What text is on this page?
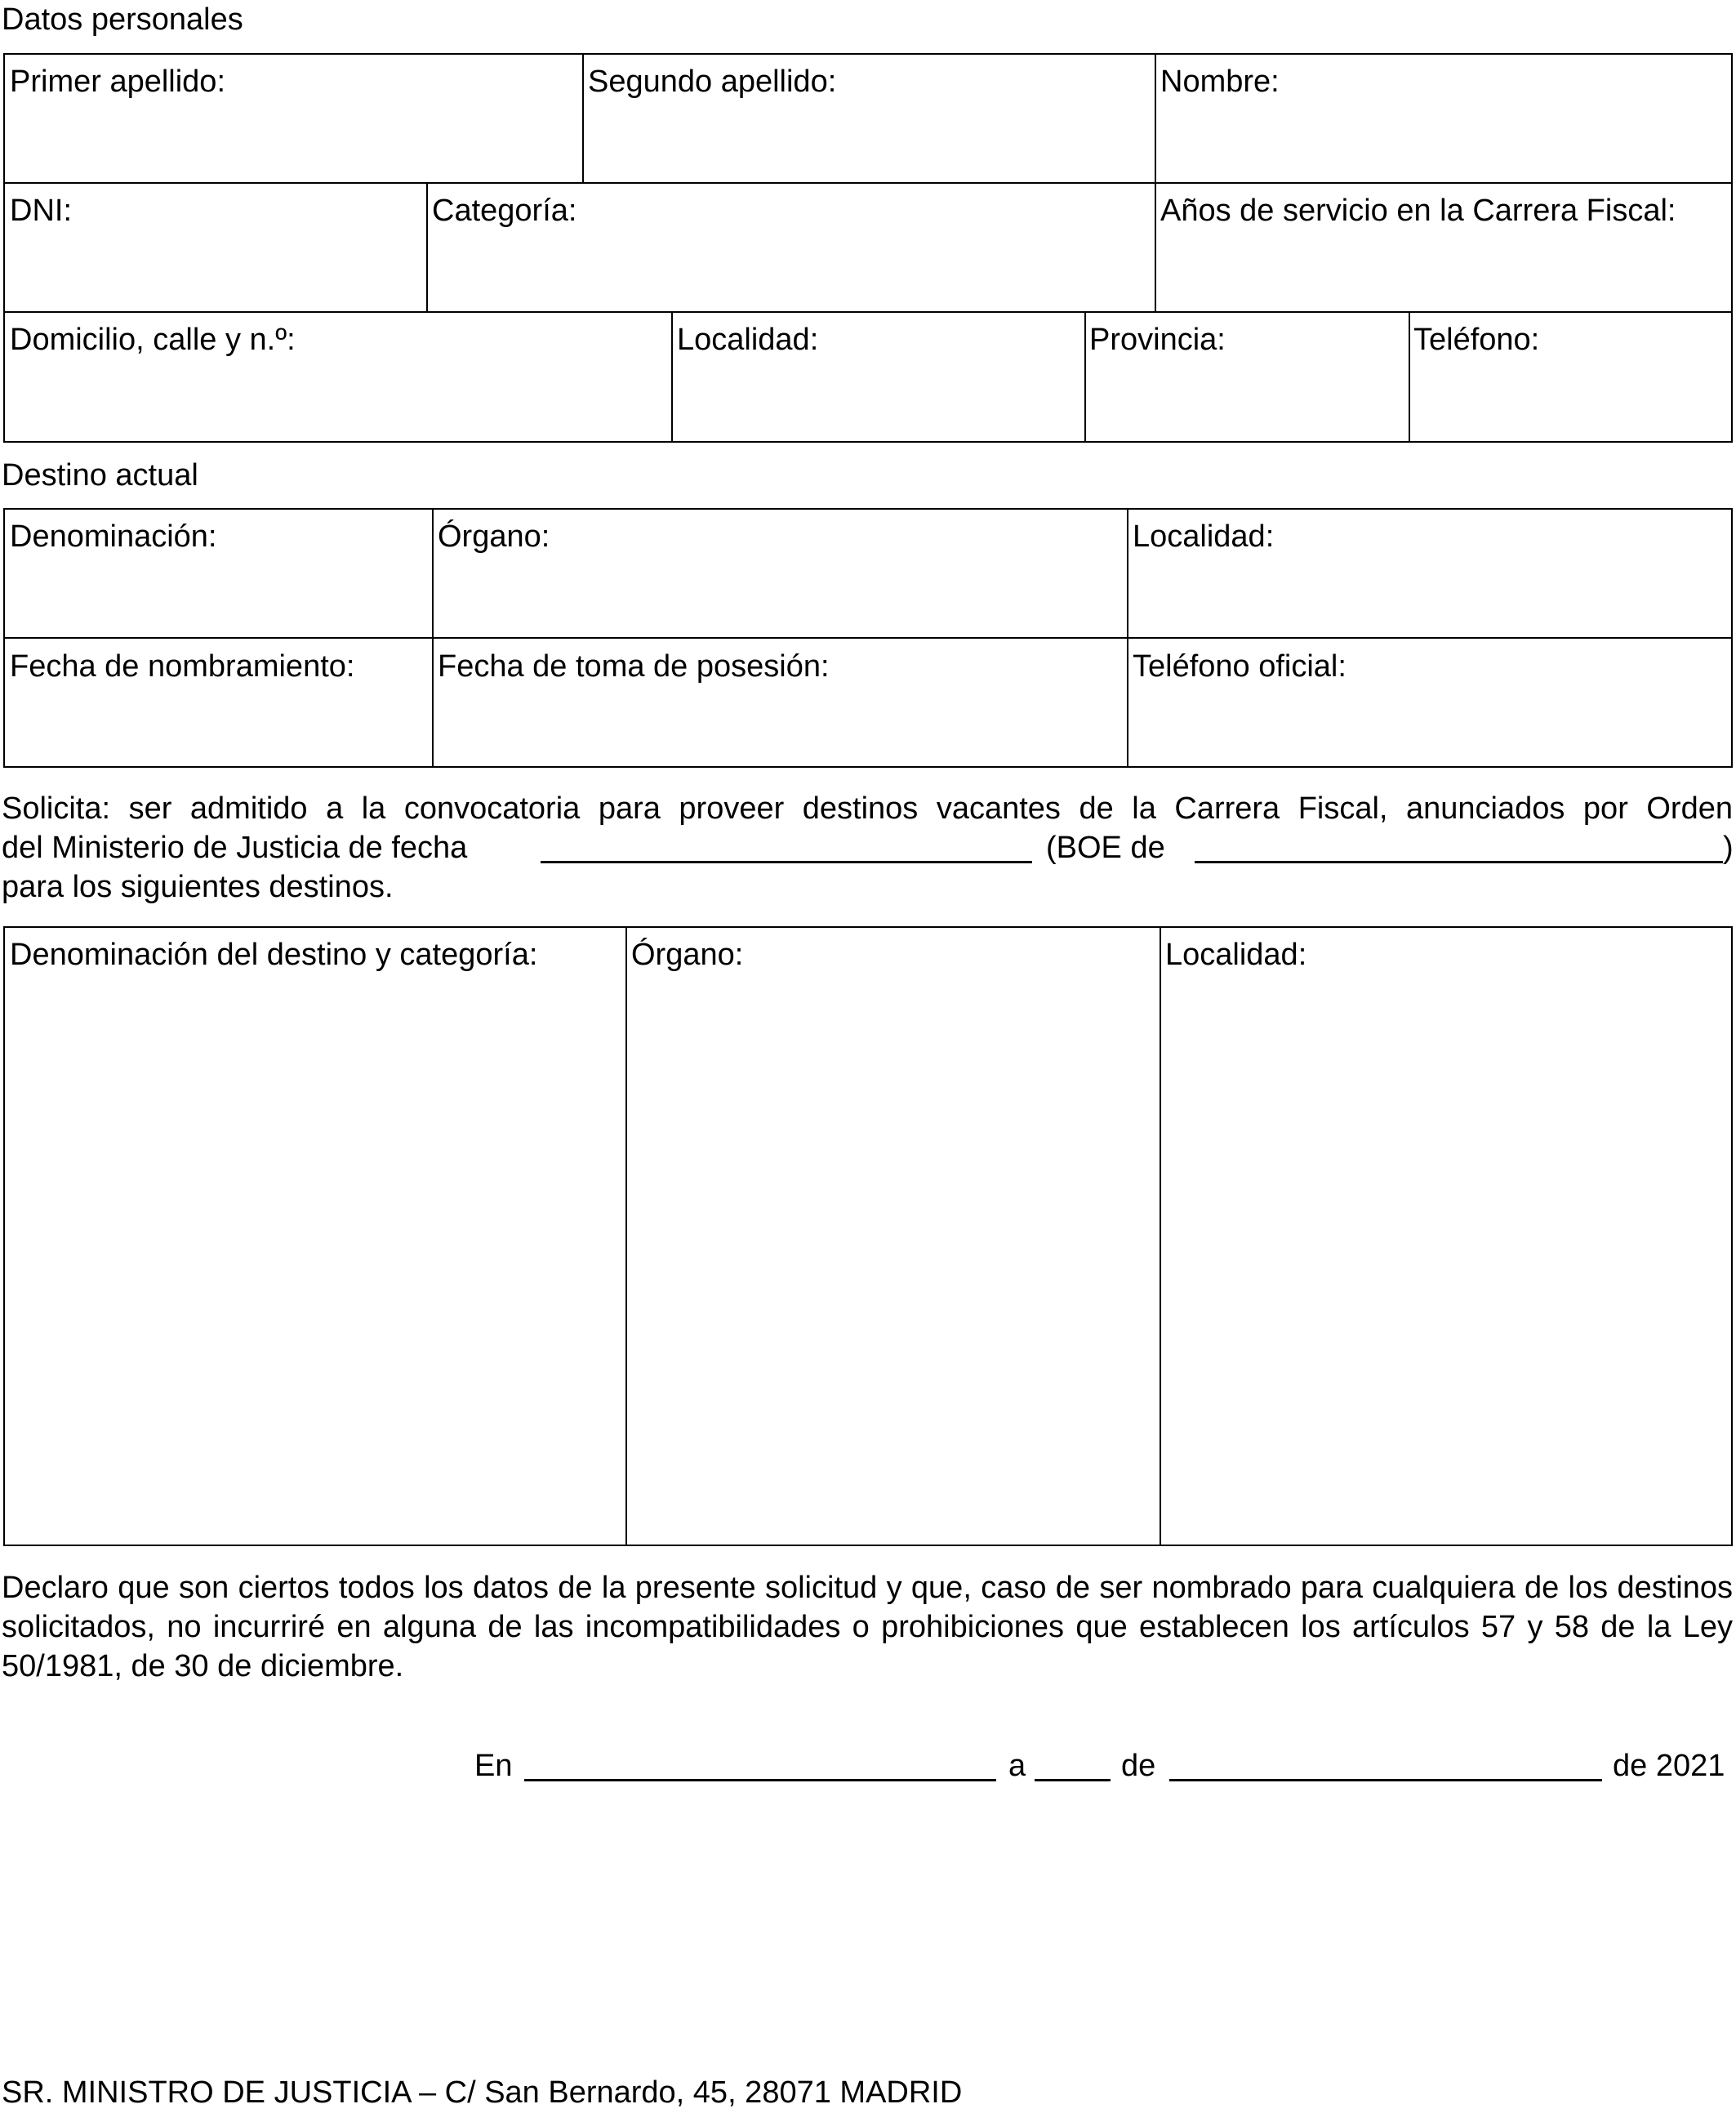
Datos personales
Primer apellido:	Segundo apellido:	Nombre:
DNI:	Categoría:	Años de servicio en la Carrera Fiscal:
Domicilio, calle y n.º:	Localidad:	Provincia:	Teléfono:
Destino actual
Denominación:	Órgano:	Localidad:
Fecha de nombramiento:	Fecha de toma de posesión:	Teléfono oficial:
Solicita: ser admitido a la convocatoria para proveer destinos vacantes de la Carrera Fiscal, anunciados por Orden
del Ministerio de Justicia de fecha	(BOE de	)
para los siguientes destinos.
Denominación del destino y categoría:	Órgano:	Localidad:
Declaro que son ciertos todos los datos de la presente solicitud y que, caso de ser nombrado para cualquiera de los destinos solicitados, no incurriré en alguna de las incompatibilidades o prohibiciones que establecen los artículos 57 y 58 de la Ley 50/1981, de 30 de diciembre.
En	a	de	de 2021
SR. MINISTRO DE JUSTICIA – C/ San Bernardo, 45, 28071 MADRID
